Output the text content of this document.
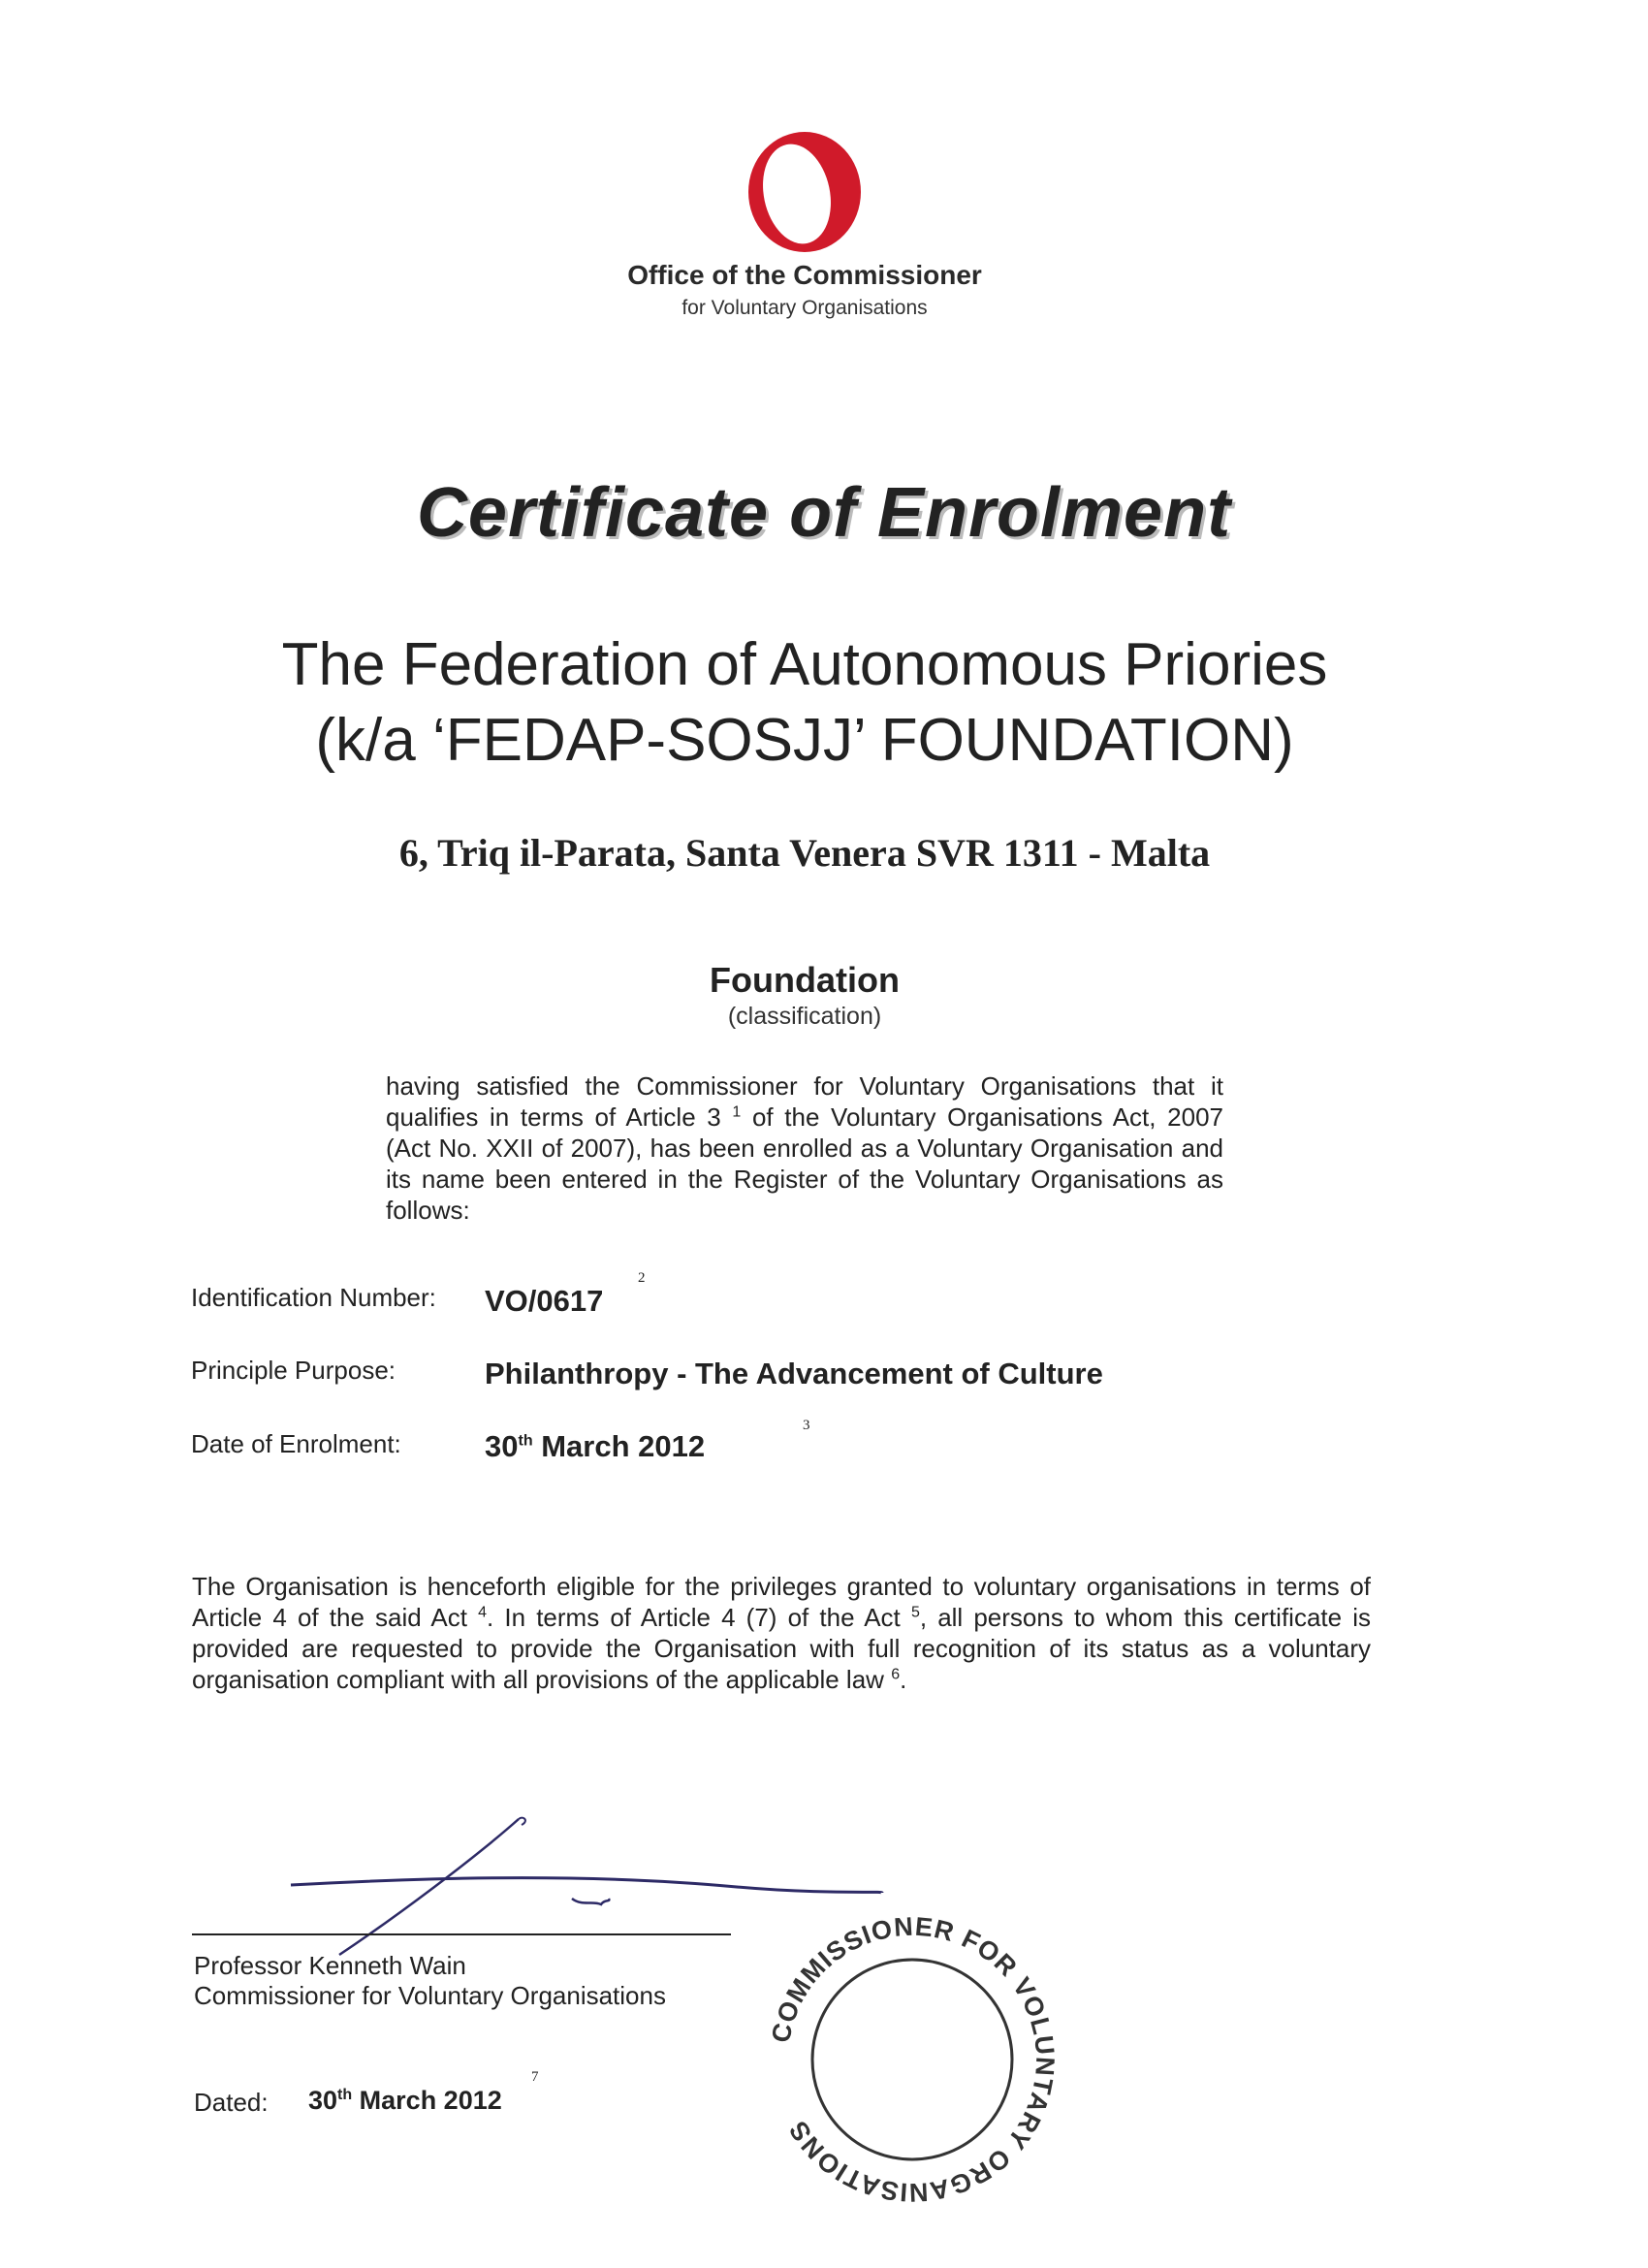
Office of the Commissioner
for Voluntary Organisations
Certificate of Enrolment
The Federation of Autonomous Priories
(k/a ‘FEDAP-SOSJJ’ FOUNDATION)
6, Triq il-Parata, Santa Venera SVR 1311 - Malta
Foundation
(classification)
having satisfied the Commissioner for Voluntary Organisations that it qualifies in terms of Article 3 $^1$ of the Voluntary Organisations Act, 2007 (Act No. XXII of 2007), has been enrolled as a Voluntary Organisation and its name been entered in the Register of the Voluntary Organisations as follows:
Identification Number: VO/0617
2
Principle Purpose:	Philanthropy - The Advancement of Culture
Date of Enrolment:	30th March 2012
3
The Organisation is henceforth eligible for the privileges granted to voluntary organisations in terms of Article 4 of the said Act $^4$. In terms of Article 4 (7) of the Act $^5$, all persons to whom this certificate is provided are requested to provide the Organisation with full recognition of its status as a voluntary organisation compliant with all provisions of the applicable law $^6$.
Professor Kenneth Wain
Commissioner for Voluntary Organisations
Dated: 30th March 2012
7
COMMISSIONER FOR VOLUNTARY ORGANISATIONS
